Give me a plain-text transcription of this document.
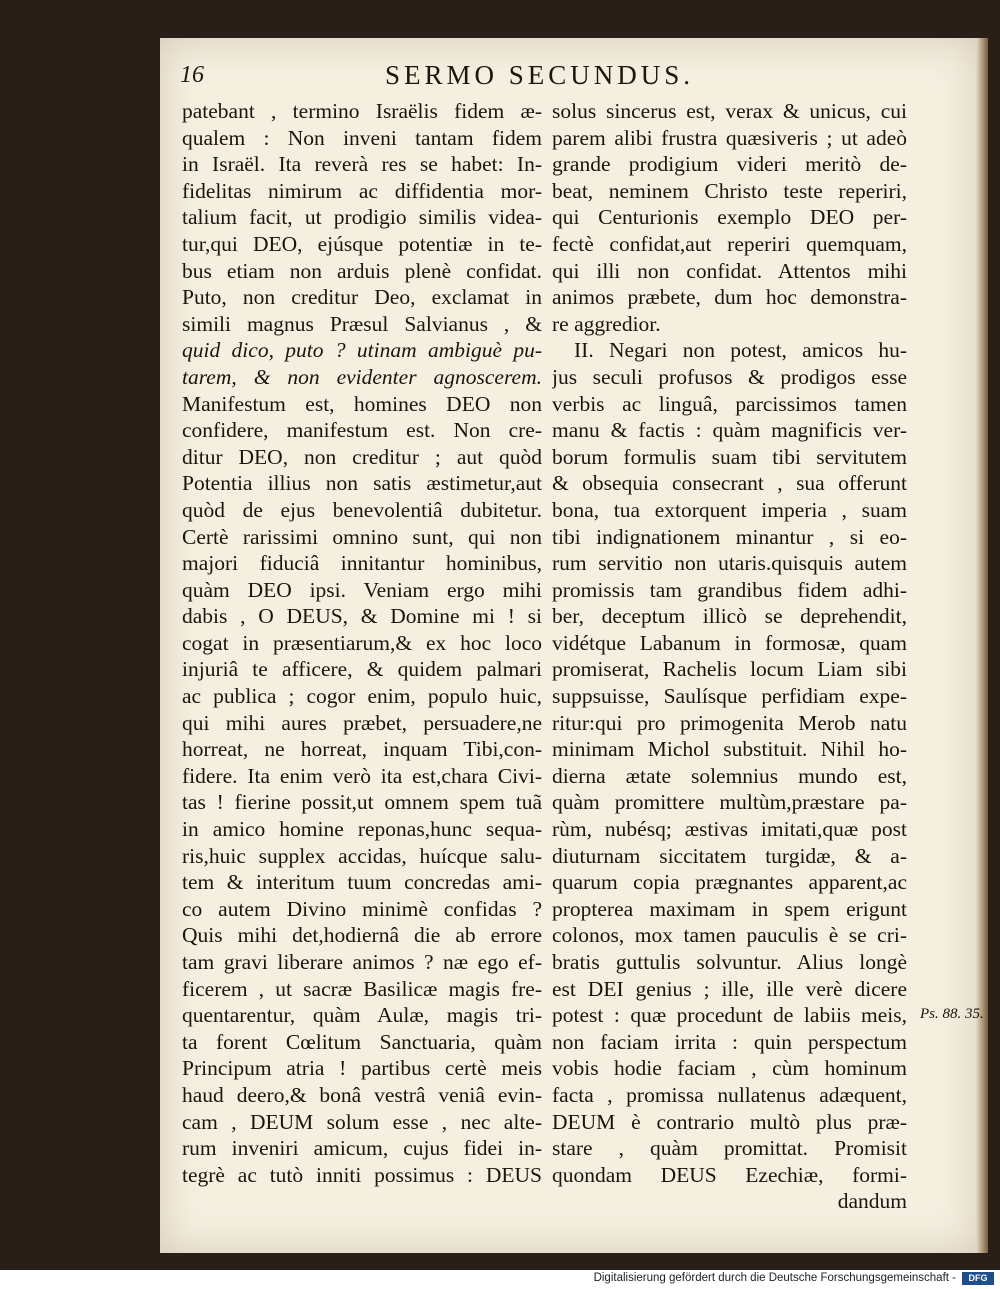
16	SERMO SECUNDUS.
patebant , termino Israëlis fidem æ-
qualem : Non inveni tantam fidem
in Israël. Ita reverà res se habet: In-
fidelitas nimirum ac diffidentia mor-
talium facit, ut prodigio similis videa-
tur,qui DEO, ejúsque potentiæ in te-
bus etiam non arduis plenè confidat.
Puto, non creditur Deo, exclamat in
simili magnus Præsul Salvianus , &
quid dico, puto ? utinam ambiguè pu-
tarem, & non evidenter agnoscerem.
Manifestum est, homines DEO non
confidere, manifestum est. Non cre-
ditur DEO, non creditur ; aut quòd
Potentia illius non satis æstimetur,aut
quòd de ejus benevolentiâ dubitetur.
Certè rarissimi omnino sunt, qui non
majori fiduciâ innitantur hominibus,
quàm DEO ipsi. Veniam ergo mihi
dabis , O DEUS, & Domine mi ! si
cogat in præsentiarum,& ex hoc loco
injuriâ te afficere, & quidem palmari
ac publica ; cogor enim, populo huic,
qui mihi aures præbet, persuadere,ne
horreat, ne horreat, inquam Tibi,con-
fidere. Ita enim verò ita est,chara Civi-
tas ! fierine possit,ut omnem spem tuã
in amico homine reponas,hunc sequa-
ris,huic supplex accidas, huícque salu-
tem & interitum tuum concredas ami-
co autem Divino minimè confidas ?
Quis mihi det,hodiernâ die ab errore
tam gravi liberare animos ? næ ego ef-
ficerem , ut sacræ Basilicæ magis fre-
quentarentur, quàm Aulæ, magis tri-
ta forent Cœlitum Sanctuaria, quàm
Principum atria ! partibus certè meis
haud deero,& bonâ vestrâ veniâ evin-
cam , DEUM solum esse , nec alte-
rum inveniri amicum, cujus fidei in-
tegrè ac tutò inniti possimus : DEUS
solus sincerus est, verax & unicus, cui
parem alibi frustra quæsiveris ; ut adeò
grande prodigium videri meritò de-
beat, neminem Christo teste reperiri,
qui Centurionis exemplo DEO per-
fectè confidat,aut reperiri quemquam,
qui illi non confidat. Attentos mihi
animos præbete, dum hoc demonstra-
re aggredior.
II. Negari non potest, amicos hu-
jus seculi profusos & prodigos esse
verbis ac linguâ, parcissimos tamen
manu & factis : quàm magnificis ver-
borum formulis suam tibi servitutem
& obsequia consecrant , sua offerunt
bona, tua extorquent imperia , suam
tibi indignationem minantur , si eo-
rum servitio non utaris.quisquis autem
promissis tam grandibus fidem adhi-
ber, deceptum illicò se deprehendit,
vidétque Labanum in formosæ, quam
promiserat, Rachelis locum Liam sibi
suppsuisse, Saulísque perfidiam expe-
ritur:qui pro primogenita Merob natu
minimam Michol substituit. Nihil ho-
dierna ætate solemnius mundo est,
quàm promittere multùm,præstare pa-
rùm, nubésq; æstivas imitati,quæ post
diuturnam siccitatem turgidæ, & a-
quarum copia prægnantes apparent,ac
propterea maximam in spem erigunt
colonos, mox tamen pauculis è se cri-
bratis guttulis solvuntur. Alius longè
est DEI genius ; ille, ille verè dicere
potest : quæ procedunt de labiis meis,
non faciam irrita : quin perspectum
vobis hodie faciam , cùm hominum
facta , promissa nullatenus adæquent,
DEUM è contrario multò plus præ-
stare , quàm promittat. Promisit
quondam DEUS Ezechiæ, formi-
dandum
Ps. 88. 35.
Digitalisierung gefördert durch die Deutsche Forschungsgemeinschaft -	DFG
